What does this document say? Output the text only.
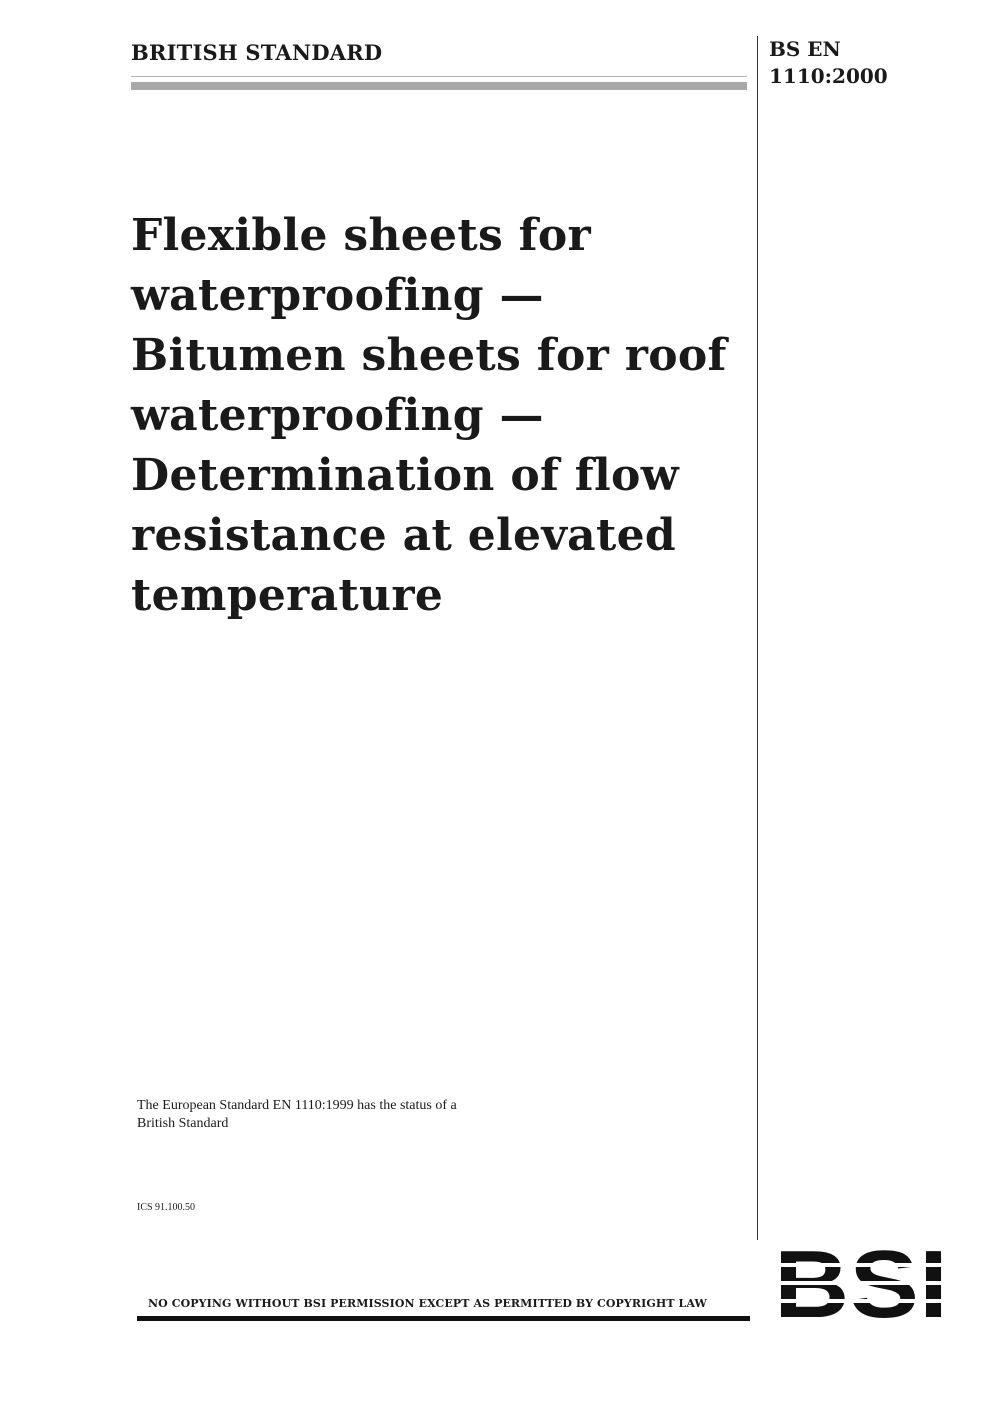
BRITISH STANDARD	BS EN
1110:2000
Flexible sheets for
waterproofing —
Bitumen sheets for roof
waterproofing —
Determination of flow
resistance at elevated
temperature
The European Standard EN 1110:1999 has the status of a
British Standard
ICS 91.100.50
NO COPYING WITHOUT BSI PERMISSION EXCEPT AS PERMITTED BY COPYRIGHT LAW
